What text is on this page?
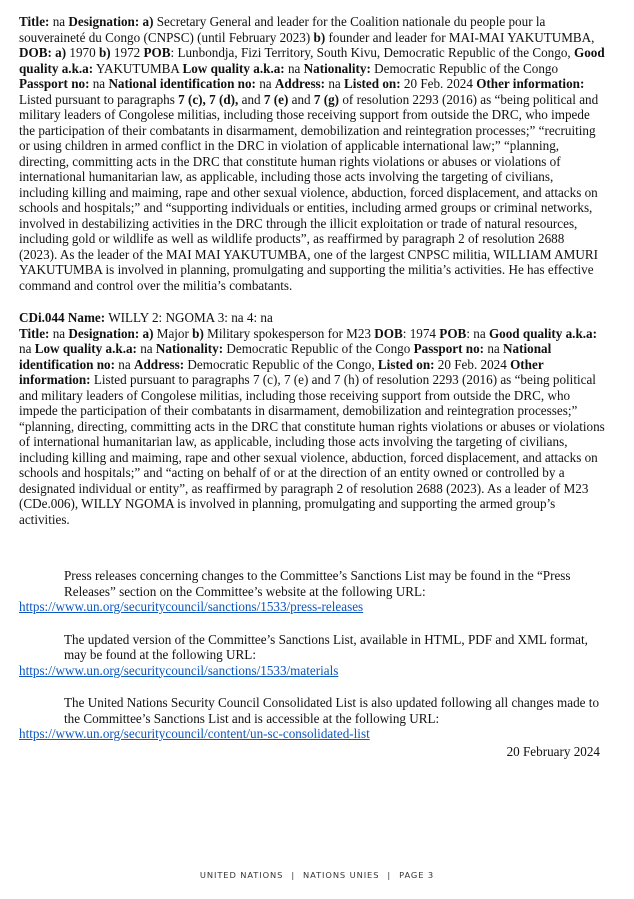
Title: na Designation: a) Secretary General and leader for the Coalition nationale du people pour la souveraineté du Congo (CNPSC) (until February 2023) b) founder and leader for MAI-MAI YAKUTUMBA, DOB: a) 1970 b) 1972 POB: Lunbondja, Fizi Territory, South Kivu, Democratic Republic of the Congo, Good quality a.k.a: YAKUTUMBA Low quality a.k.a: na Nationality: Democratic Republic of the Congo Passport no: na National identification no: na Address: na Listed on: 20 Feb. 2024 Other information: Listed pursuant to paragraphs 7 (c), 7 (d), and 7 (e) and 7 (g) of resolution 2293 (2016) as “being political and military leaders of Congolese militias, including those receiving support from outside the DRC, who impede the participation of their combatants in disarmament, demobilization and reintegration processes;” “recruiting or using children in armed conflict in the DRC in violation of applicable international law;” “planning, directing, committing acts in the DRC that constitute human rights violations or abuses or violations of international humanitarian law, as applicable, including those acts involving the targeting of civilians, including killing and maiming, rape and other sexual violence, abduction, forced displacement, and attacks on schools and hospitals;” and “supporting individuals or entities, including armed groups or criminal networks, involved in destabilizing activities in the DRC through the illicit exploitation or trade of natural resources, including gold or wildlife as well as wildlife products”, as reaffirmed by paragraph 2 of resolution 2688 (2023). As the leader of the MAI MAI YAKUTUMBA, one of the largest CNPSC militia, WILLIAM AMURI YAKUTUMBA is involved in planning, promulgating and supporting the militia’s activities. He has effective command and control over the militia’s combatants.

CDi.044 Name: WILLY 2: NGOMA 3: na 4: na

Title: na Designation: a) Major b) Military spokesperson for M23 DOB: 1974 POB: na Good quality a.k.a: na Low quality a.k.a: na Nationality: Democratic Republic of the Congo Passport no: na National identification no: na Address: Democratic Republic of the Congo, Listed on: 20 Feb. 2024 Other information: Listed pursuant to paragraphs 7 (c), 7 (e) and 7 (h) of resolution 2293 (2016) as “being political and military leaders of Congolese militias, including those receiving support from outside the DRC, who impede the participation of their combatants in disarmament, demobilization and reintegration processes;” “planning, directing, committing acts in the DRC that constitute human rights violations or abuses or violations of international humanitarian law, as applicable, including those acts involving the targeting of civilians, including killing and maiming, rape and other sexual violence, abduction, forced displacement, and attacks on schools and hospitals;” and “acting on behalf of or at the direction of an entity owned or controlled by a designated individual or entity”, as reaffirmed by paragraph 2 of resolution 2688 (2023). As a leader of M23 (CDe.006), WILLY NGOMA is involved in planning, promulgating and supporting the armed group’s activities.

Press releases concerning changes to the Committee’s Sanctions List may be found in the “Press Releases” section on the Committee’s website at the following URL:
https://www.un.org/securitycouncil/sanctions/1533/press-releases
The updated version of the Committee’s Sanctions List, available in HTML, PDF and XML format, may be found at the following URL:
https://www.un.org/securitycouncil/sanctions/1533/materials
The United Nations Security Council Consolidated List is also updated following all changes made to the Committee’s Sanctions List and is accessible at the following URL:
https://www.un.org/securitycouncil/content/un-sc-consolidated-list
20 February 2024
UNITED NATIONS | NATIONS UNIES | PAGE 3
